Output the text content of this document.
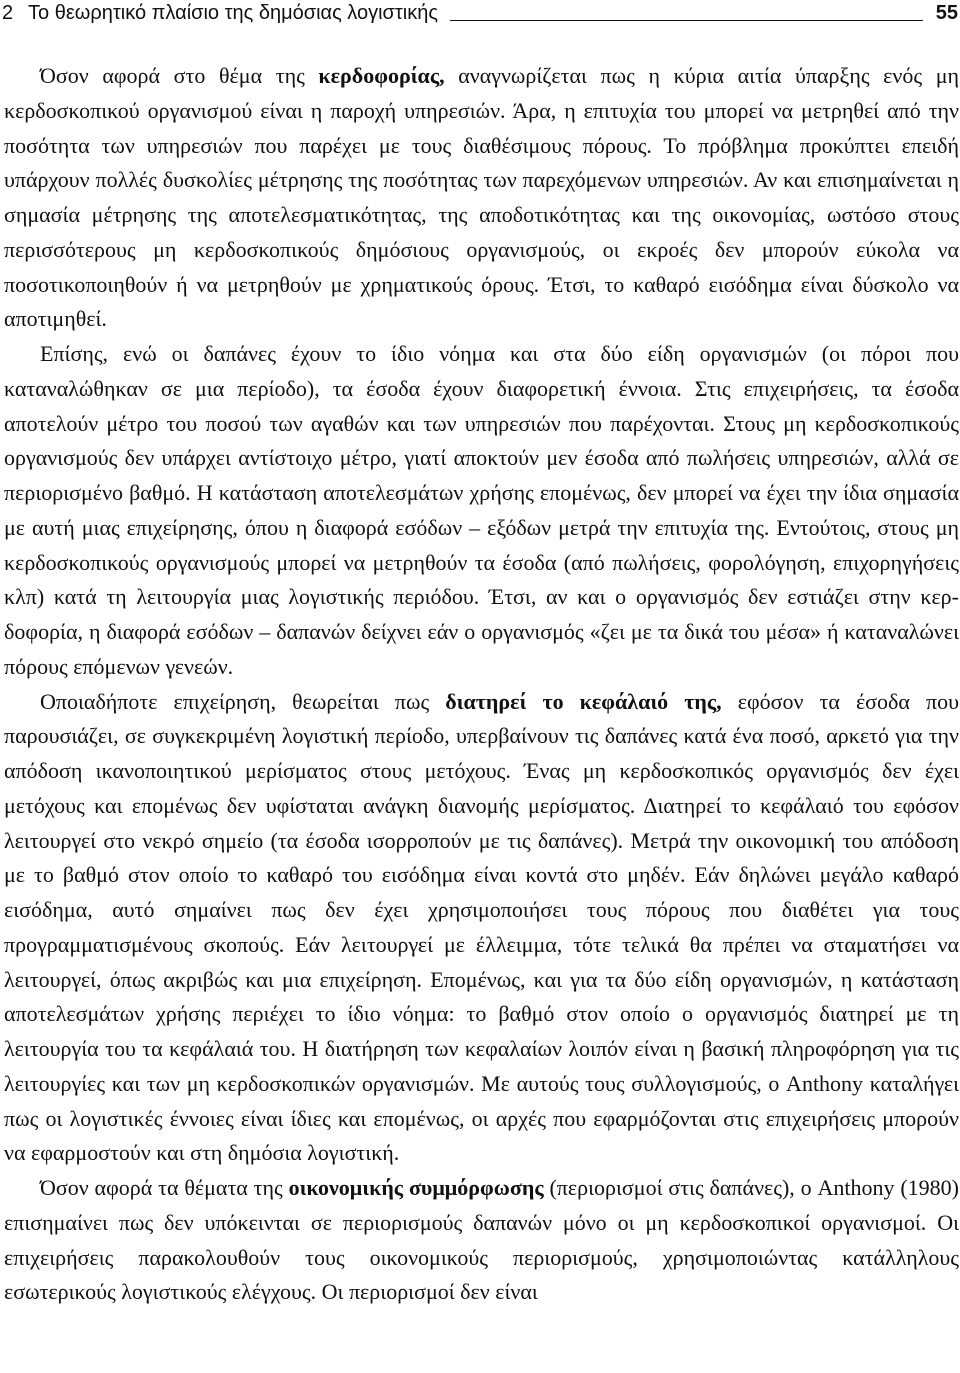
2 Το θεωρητικό πλαίσιο της δημόσιας λογιστικής	55

Όσον αφορά στο θέμα της κερδοφορίας, αναγνωρίζεται πως η κύρια αιτία ύπαρξης ενός μη κερδοσκοπικού οργανισμού είναι η παροχή υπηρεσιών. Άρα, η επιτυχία του μπορεί να μετρηθεί από την ποσότητα των υπηρεσιών που παρέχει με τους διαθέσιμους πόρους. Το πρόβλημα προκύπτει επειδή υπάρχουν πολλές δυσκολίες μέτρησης της ποσότητας των παρεχόμενων υπηρεσιών. Αν και επισημαίνεται η σημασία μέτρησης της αποτελεσματικότητας, της αποδοτικότητας και της οικονομίας, ωστόσο στους περισσότερους μη κερδοσκοπικούς δημόσιους οργανισμούς, οι εκροές δεν μπορούν εύκολα να ποσοτικοποιηθούν ή να μετρηθούν με χρηματικούς όρους. Έτσι, το καθαρό εισόδημα είναι δύσκολο να αποτιμηθεί.

Επίσης, ενώ οι δαπάνες έχουν το ίδιο νόημα και στα δύο είδη οργανισμών (οι πόροι που καταναλώθηκαν σε μια περίοδο), τα έσοδα έχουν διαφορετική έννοια. Στις επιχειρήσεις, τα έσοδα αποτελούν μέτρο του ποσού των αγαθών και των υπηρεσιών που παρέχονται. Στους μη κερδοσκοπικούς οργανισμούς δεν υπάρχει αντίστοιχο μέτρο, γιατί αποκτούν μεν έσοδα από πωλήσεις υπηρεσιών, αλλά σε περιορισμένο βαθμό. Η κατάσταση αποτελεσμάτων χρήσης επομένως, δεν μπορεί να έχει την ίδια σημασία με αυτή μιας επιχείρησης, όπου η διαφορά εσόδων – εξόδων μετρά την επιτυχία της. Εντούτοις, στους μη κερδοσκοπικούς οργανισμούς μπορεί να μετρηθούν τα έσοδα (από πωλήσεις, φορολόγηση, επιχορηγήσεις κλπ) κατά τη λειτουργία μιας λογιστικής περιόδου. Έτσι, αν και ο οργανισμός δεν εστιάζει στην κερδοφορία, η διαφορά εσόδων – δαπανών δείχνει εάν ο οργανισμός «ζει με τα δικά του μέσα» ή καταναλώνει πόρους επόμενων γενεών.

Οποιαδήποτε επιχείρηση, θεωρείται πως διατηρεί το κεφάλαιό της, εφόσον τα έσοδα που παρουσιάζει, σε συγκεκριμένη λογιστική περίοδο, υπερβαίνουν τις δαπάνες κατά ένα ποσό, αρκετό για την απόδοση ικανοποιητικού μερίσματος στους μετόχους. Ένας μη κερδοσκοπικός οργανισμός δεν έχει μετόχους και επομένως δεν υφίσταται ανάγκη διανομής μερίσματος. Διατηρεί το κεφάλαιό του εφόσον λειτουργεί στο νεκρό σημείο (τα έσοδα ισορροπούν με τις δαπάνες). Μετρά την οικονομική του απόδοση με το βαθμό στον οποίο το καθαρό του εισόδημα είναι κοντά στο μηδέν. Εάν δηλώνει μεγάλο καθαρό εισόδημα, αυτό σημαίνει πως δεν έχει χρησιμοποιήσει τους πόρους που διαθέτει για τους προγραμματισμένους σκοπούς. Εάν λειτουργεί με έλλειμμα, τότε τελικά θα πρέπει να σταματήσει να λειτουργεί, όπως ακριβώς και μια επιχείρηση. Επομένως, και για τα δύο είδη οργανισμών, η κατάσταση αποτελεσμάτων χρήσης περιέχει το ίδιο νόημα: το βαθμό στον οποίο ο οργανισμός διατηρεί με τη λειτουργία του τα κεφάλαιά του. Η διατήρηση των κεφαλαίων λοιπόν είναι η βασική πληροφόρηση για τις λειτουργίες και των μη κερδοσκοπικών οργανισμών. Με αυτούς τους συλλογισμούς, ο Anthony καταλήγει πως οι λογιστικές έννοιες είναι ίδιες και επομένως, οι αρχές που εφαρμόζονται στις επιχειρήσεις μπορούν να εφαρμοστούν και στη δημόσια λογιστική.

Όσον αφορά τα θέματα της οικονομικής συμμόρφωσης (περιορισμοί στις δαπάνες), ο Anthony (1980) επισημαίνει πως δεν υπόκεινται σε περιορισμούς δαπανών μόνο οι μη κερδοσκοπικοί οργανισμοί. Οι επιχειρήσεις παρακολουθούν τους οικονομικούς περιορισμούς, χρησιμοποιώντας κατάλληλους εσωτερικούς λογιστικούς ελέγχους. Οι περιορισμοί δεν είναι
